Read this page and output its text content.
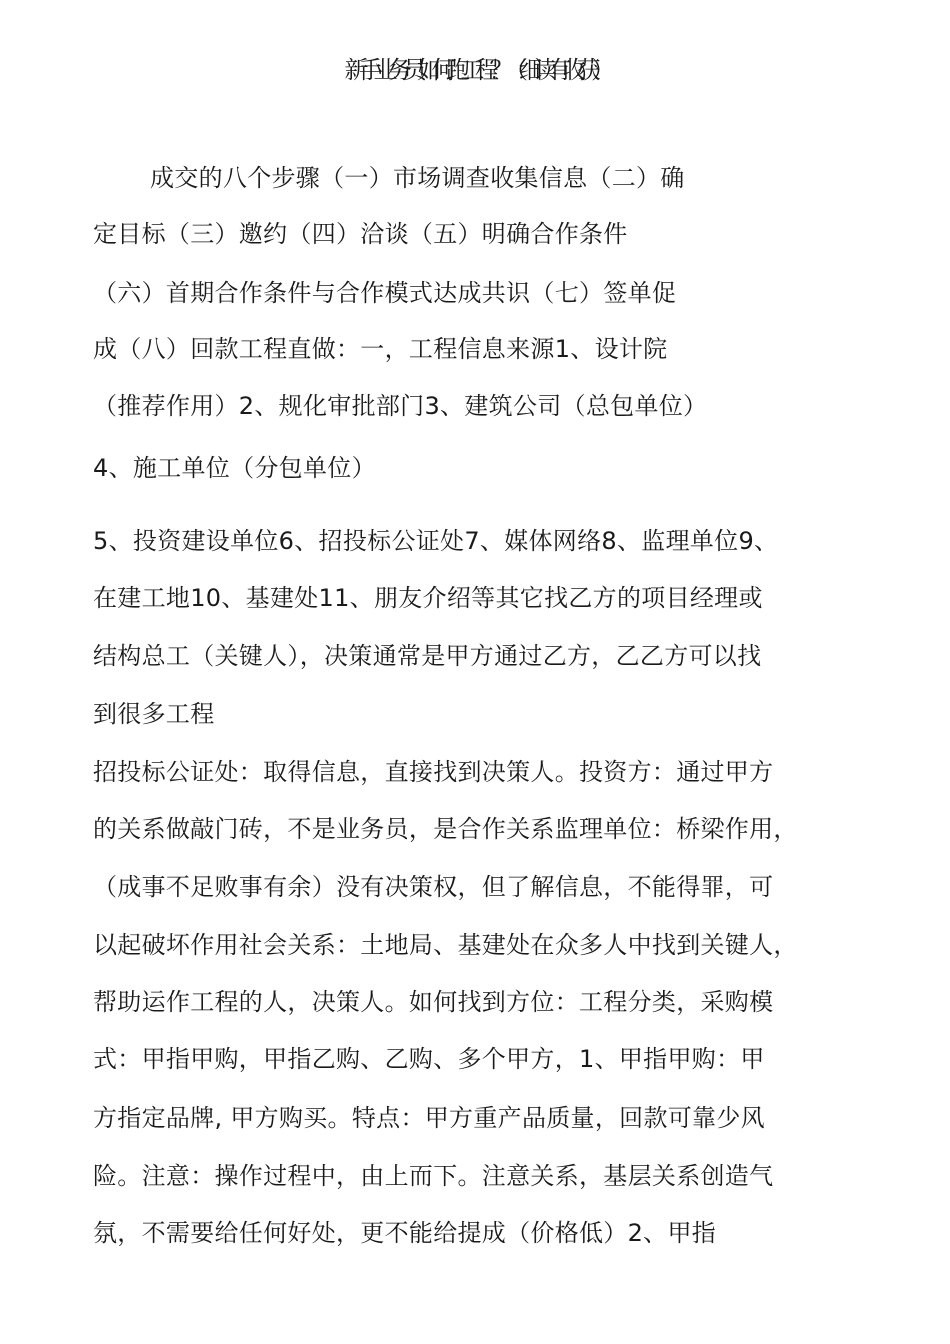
新手业务员如何跑工程？（细读有收获）
成交的八个步骤（一）市场调查收集信息（二）确
定目标（三）邀约（四）洽谈（五）明确合作条件
（六）首期合作条件与合作模式达成共识（七）签单促
成（八）回款工程直做：一，工程信息来源1、设计院
（推荐作用）2、规化审批部门3、建筑公司（总包单位）
4、施工单位（分包单位）
5、投资建设单位6、招投标公证处7、媒体网络8、监理单位9、
在建工地10、基建处11、朋友介绍等其它找乙方的项目经理或
结构总工（关键人），决策通常是甲方通过乙方，乙乙方可以找
到很多工程
招投标公证处：取得信息，直接找到决策人。投资方：通过甲方
的关系做敲门砖，不是业务员，是合作关系监理单位：桥梁作用，
（成事不足败事有余）没有决策权，但了解信息，不能得罪，可
以起破坏作用社会关系：土地局、基建处在众多人中找到关键人，
帮助运作工程的人，决策人。如何找到方位：工程分类，采购模
式：甲指甲购，甲指乙购、乙购、多个甲方，1、甲指甲购：甲
方指定品牌, 甲方购买。特点：甲方重产品质量，回款可靠少风
险。注意：操作过程中，由上而下。注意关系，基层关系创造气
氛，不需要给任何好处，更不能给提成（价格低）2、甲指
